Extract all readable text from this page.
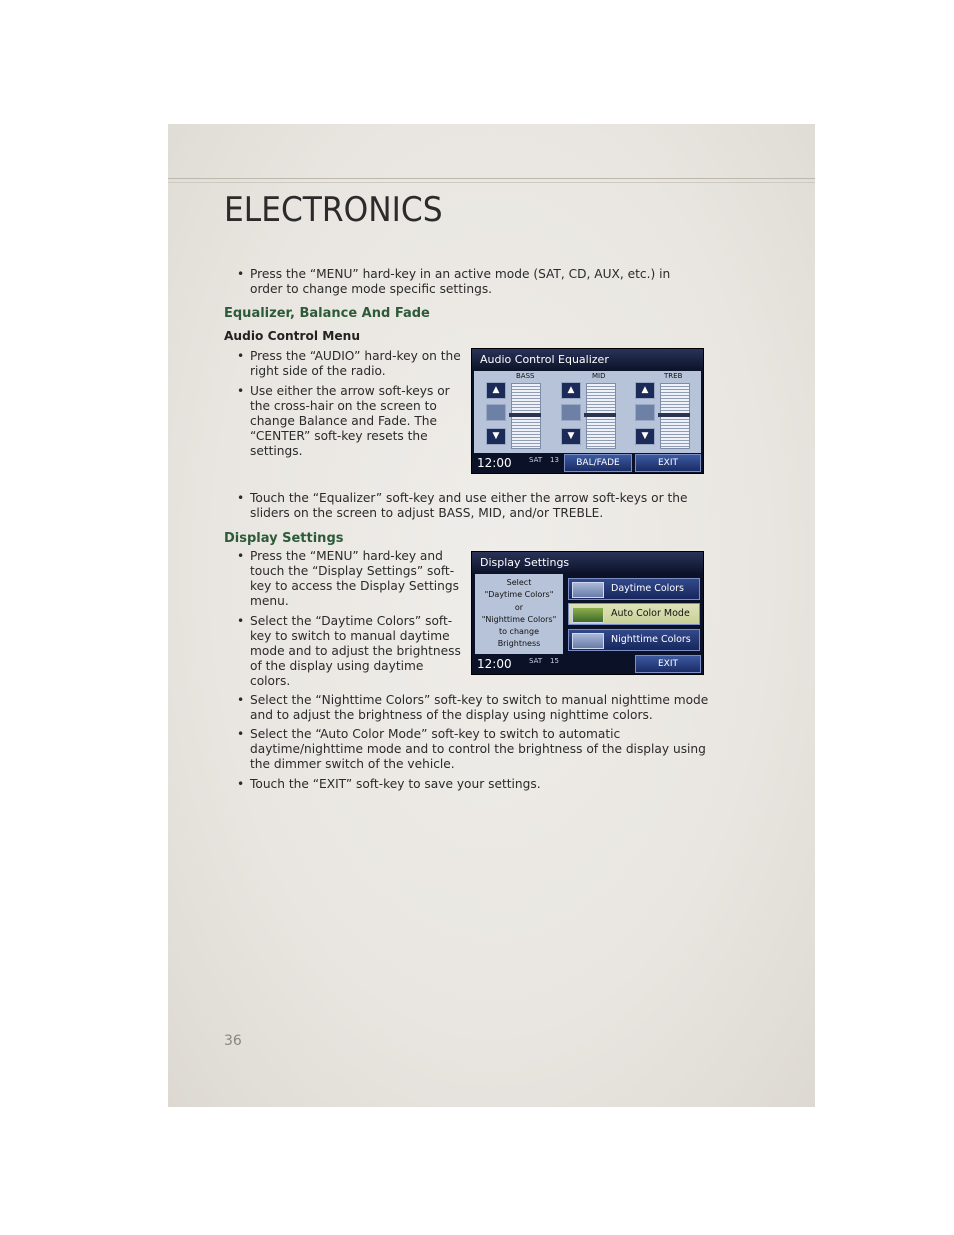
ELECTRONICS
• Press the “MENU” hard-key in an active mode (SAT, CD, AUX, etc.) in order to change mode specific settings.
Equalizer, Balance And Fade
Audio Control Menu
• Press the “AUDIO” hard-key on the right side of the radio.
• Use either the arrow soft-keys or the cross-hair on the screen to change Balance and Fade. The “CENTER” soft-key resets the settings.
Audio Control Equalizer
BASS	MID	TREB
▲
▼
▲
▼
▲
▼
12:00 SAT 13	BAL/FADE	EXIT
• Touch the “Equalizer” soft-key and use either the arrow soft-keys or the sliders on the screen to adjust BASS, MID, and/or TREBLE.
Display Settings
• Press the “MENU” hard-key and touch the “Display Settings” soft-key to access the Display Settings menu.
• Select the “Daytime Colors” soft-key to switch to manual daytime mode and to adjust the brightness of the display using daytime colors.
Display Settings
Select
"Daytime Colors"
or
"Nighttime Colors"
to change
Brightness
Daytime Colors
Auto Color Mode
Nighttime Colors
12:00 SAT 15	EXIT
• Select the “Nighttime Colors” soft-key to switch to manual nighttime mode and to adjust the brightness of the display using nighttime colors.
• Select the “Auto Color Mode” soft-key to switch to automatic daytime/nighttime mode and to control the brightness of the display using the dimmer switch of the vehicle.
• Touch the “EXIT” soft-key to save your settings.
36
